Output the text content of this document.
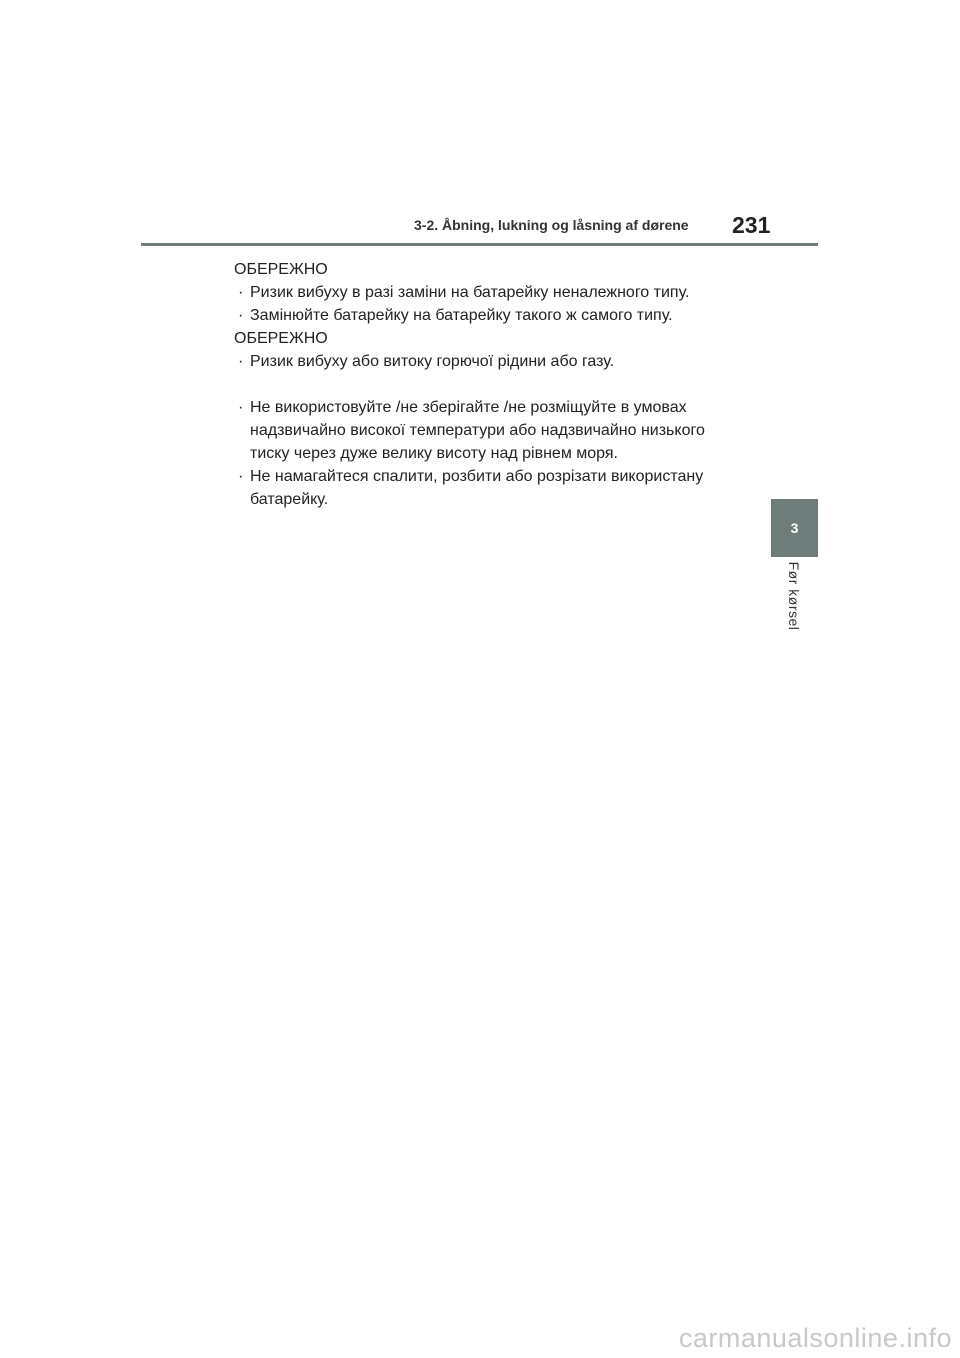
3-2. Åbning, lukning og låsning af dørene 231
3
Før kørsel
ОБЕРЕЖНО
· Ризик вибуху в разі заміни на батарейку неналежного типу.
· Замінюйте батарейку на батарейку такого ж самого типу.
ОБЕРЕЖНО
· Ризик вибуху або витоку горючої рідини або газу.
· Не використовуйте /не зберігайте /не розміщуйте в умовах надзвичайно високої температури або надзвичайно низького тиску через дуже велику висоту над рівнем моря.
· Не намагайтеся спалити, розбити або розрізати використану батарейку.
carmanualsonline.info
